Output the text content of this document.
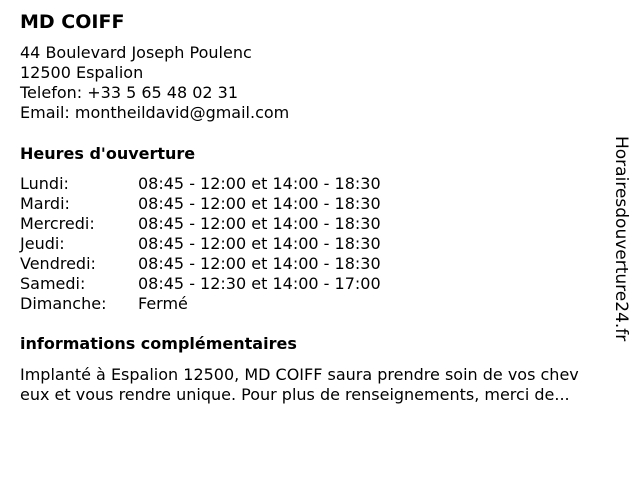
MD COIFF
44 Boulevard Joseph Poulenc
12500 Espalion
Telefon: +33 5 65 48 02 31
Email: montheildavid@gmail.com
Heures d'ouverture
Lundi:	08:45 - 12:00 et 14:00 - 18:30
Mardi:	08:45 - 12:00 et 14:00 - 18:30
Mercredi:	08:45 - 12:00 et 14:00 - 18:30
Jeudi:	08:45 - 12:00 et 14:00 - 18:30
Vendredi:	08:45 - 12:00 et 14:00 - 18:30
Samedi:	08:45 - 12:30 et 14:00 - 17:00
Dimanche:	Fermé
informations complémentaires
Implanté à Espalion 12500, MD COIFF saura prendre soin de vos chev
eux et vous rendre unique. Pour plus de renseignements, merci de...
Horairesdouverture24.fr
